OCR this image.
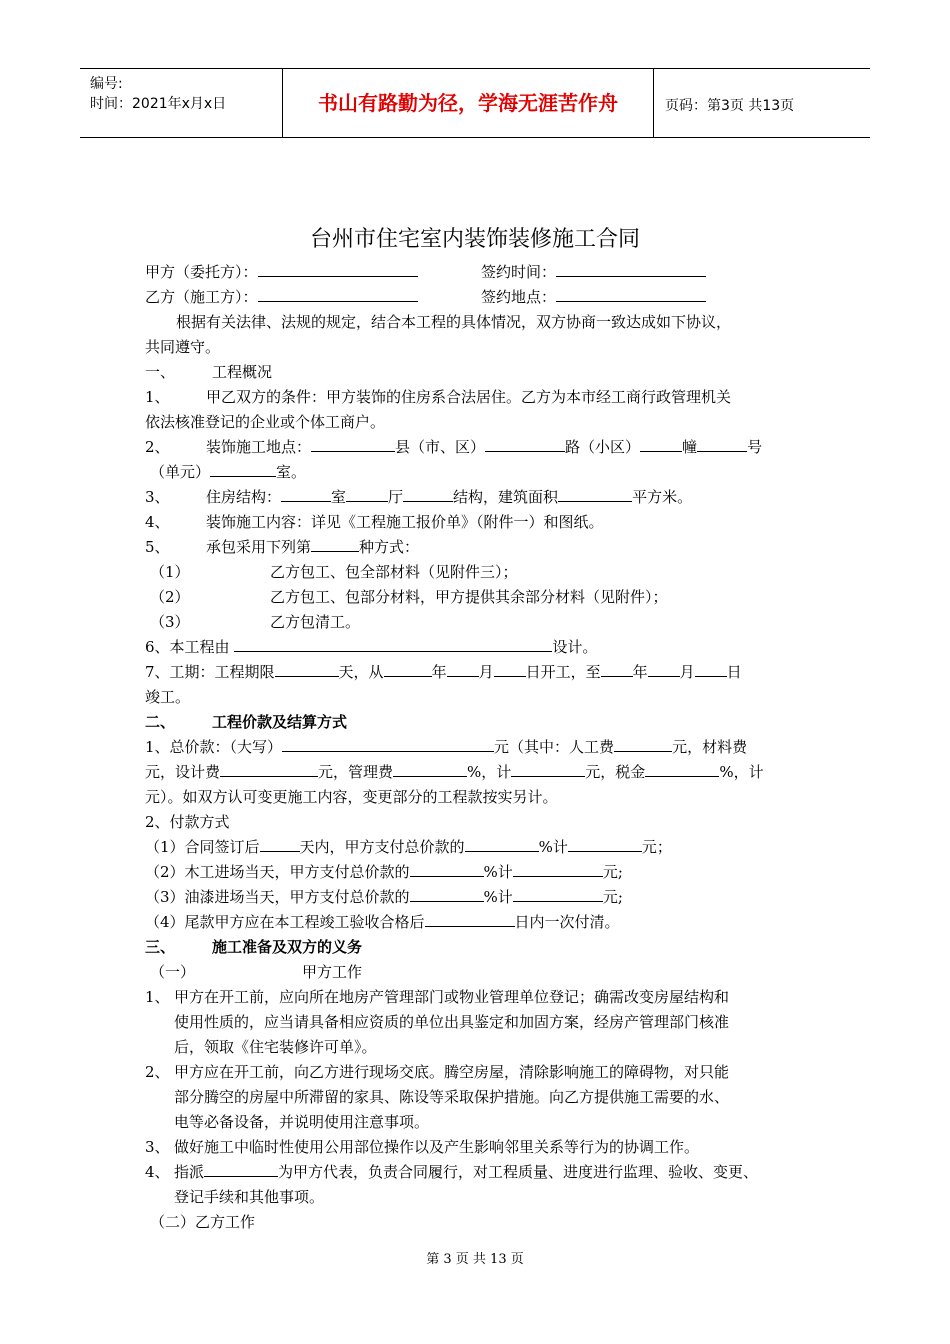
编号:
时间：2021年x月x日	书山有路勤为径，学海无涯苦作舟	页码：第3页 共13页
台州市住宅室内装饰装修施工合同
甲方（委托方）：	签约时间：
乙方（施工方）：	签约地点：
根据有关法律、法规的规定，结合本工程的具体情况，双方协商一致达成如下协议，
共同遵守。
一、 工程概况
1、 甲乙双方的条件：甲方装饰的住房系合法居住。乙方为本市经工商行政管理机关
依法核准登记的企业或个体工商户。
2、 装饰施工地点：	县（市、区）	路（小区）	幢	号
（单元）	室。
3、 住房结构：	室	厅	结构，建筑面积	平方米。
4、 装饰施工内容：详见《工程施工报价单》（附件一）和图纸。
5、 承包采用下列第	种方式：
（1）	乙方包工、包全部材料（见附件三）；
（2）	乙方包工、包部分材料，甲方提供其余部分材料（见附件）；
（3）	乙方包清工。
6、本工程由	设计。
7、工期：工程期限	天，从	年 月 日开工，至 年 月 日
竣工。
二、 工程价款及结算方式
1、总价款：（大写）	元（其中：人工费	元，材料费
元，设计费	元，管理费	%，计	元，税金	%，计
元）。如双方认可变更施工内容，变更部分的工程款按实另计。
2、付款方式
（1）合同签订后	天内，甲方支付总价款的	%计	元；
（2）木工进场当天，甲方支付总价款的	%计	元;
（3）油漆进场当天，甲方支付总价款的	%计	元;
（4）尾款甲方应在本工程竣工验收合格后	日内一次付清。
三、 施工准备及双方的义务
（一）	甲方工作
1、 甲方在开工前，应向所在地房产管理部门或物业管理单位登记；确需改变房屋结构和
使用性质的，应当请具备相应资质的单位出具鉴定和加固方案，经房产管理部门核准
后，领取《住宅装修许可单》。
2、 甲方应在开工前，向乙方进行现场交底。腾空房屋，清除影响施工的障碍物，对只能
部分腾空的房屋中所滞留的家具、陈设等采取保护措施。向乙方提供施工需要的水、
电等必备设备，并说明使用注意事项。
3、 做好施工中临时性使用公用部位操作以及产生影响邻里关系等行为的协调工作。
4、 指派	为甲方代表，负责合同履行，对工程质量、进度进行监理、验收、变更、
登记手续和其他事项。
（二）乙方工作
第 3 页 共 13 页
